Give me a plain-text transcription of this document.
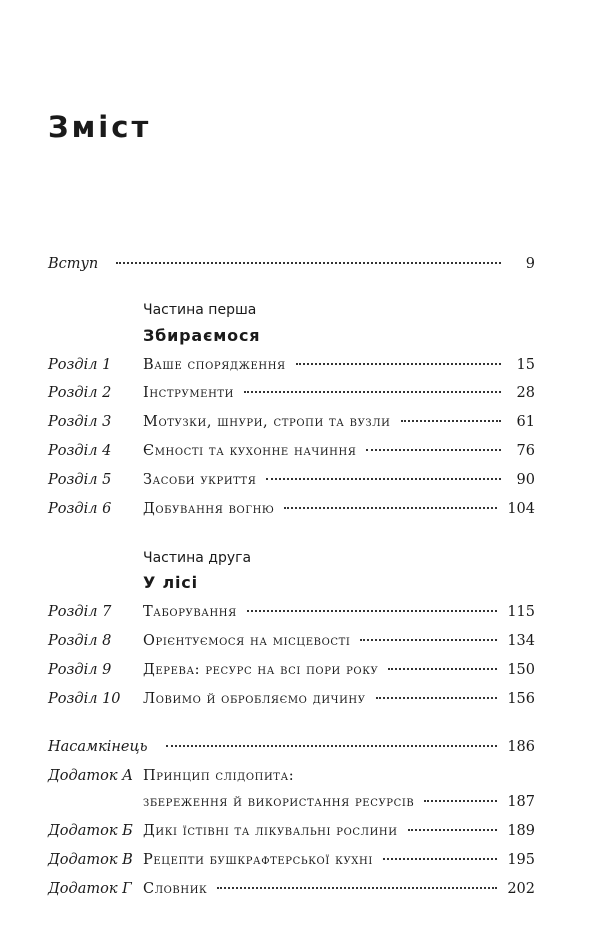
Зміст
Вступ	9
Частина перша
Збираємося
Розділ 1	Ваше спорядження	15
Розділ 2	Інструменти	28
Розділ 3	Мотузки, шнури, стропи та вузли	61
Розділ 4	Ємності та кухонне начиння	76
Розділ 5	Засоби укриття	90
Розділ 6	Добування вогню	104
Частина друга
У лісі
Розділ 7	Таборування	115
Розділ 8	Орієнтуємося на місцевості	134
Розділ 9	Дерева: ресурс на всі пори року	150
Розділ 10	Ловимо й обробляємо дичину	156
Насамкінець	186
Додаток А Принцип слідопита:
збереження й використання ресурсів	187
Додаток Б Дикі їстівні та лікувальні рослини	189
Додаток В Рецепти бушкрафтерської кухні	195
Додаток Г Словник	202
